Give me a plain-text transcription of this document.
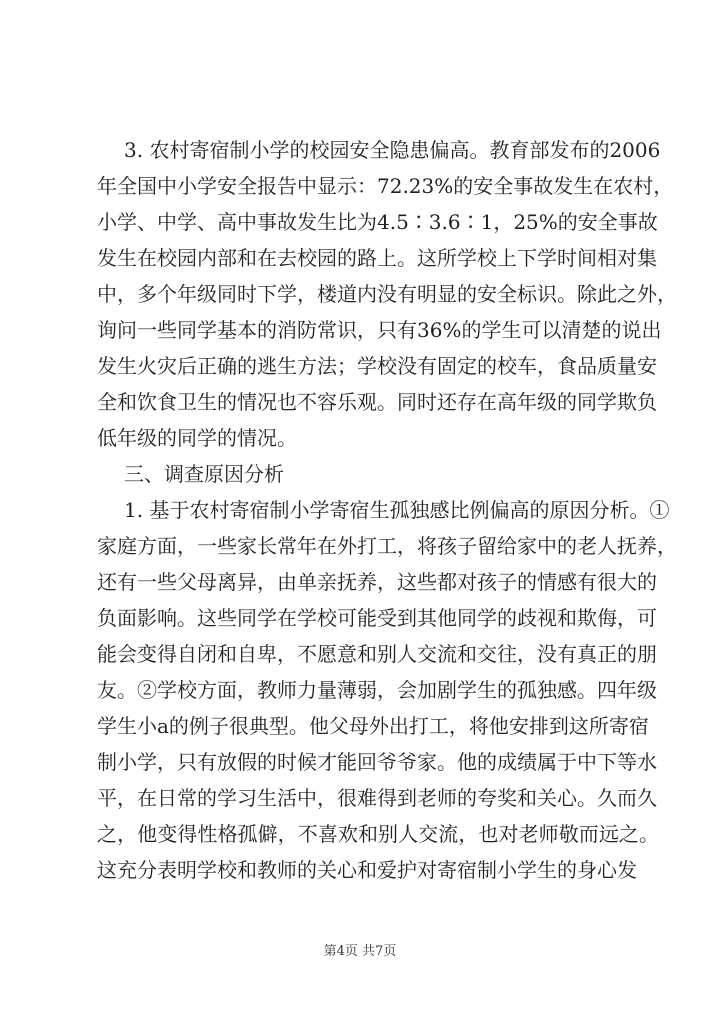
3. 农村寄宿制小学的校园安全隐患偏高。教育部发布的2006
年全国中小学安全报告中显示：72.23%的安全事故发生在农村，
小学、中学、高中事故发生比为4.5∶3.6∶1，25%的安全事故
发生在校园内部和在去校园的路上。这所学校上下学时间相对集
中，多个年级同时下学，楼道内没有明显的安全标识。除此之外，
询问一些同学基本的消防常识，只有36%的学生可以清楚的说出
发生火灾后正确的逃生方法；学校没有固定的校车，食品质量安
全和饮食卫生的情况也不容乐观。同时还存在高年级的同学欺负
低年级的同学的情况。
三、调查原因分析
1. 基于农村寄宿制小学寄宿生孤独感比例偏高的原因分析。①
家庭方面，一些家长常年在外打工，将孩子留给家中的老人抚养，
还有一些父母离异，由单亲抚养，这些都对孩子的情感有很大的
负面影响。这些同学在学校可能受到其他同学的歧视和欺侮，可
能会变得自闭和自卑，不愿意和别人交流和交往，没有真正的朋
友。②学校方面，教师力量薄弱，会加剧学生的孤独感。四年级
学生小a的例子很典型。他父母外出打工，将他安排到这所寄宿
制小学，只有放假的时候才能回爷爷家。他的成绩属于中下等水
平，在日常的学习生活中，很难得到老师的夸奖和关心。久而久
之，他变得性格孤僻，不喜欢和别人交流，也对老师敬而远之。
这充分表明学校和教师的关心和爱护对寄宿制小学生的身心发
第4页 共7页
